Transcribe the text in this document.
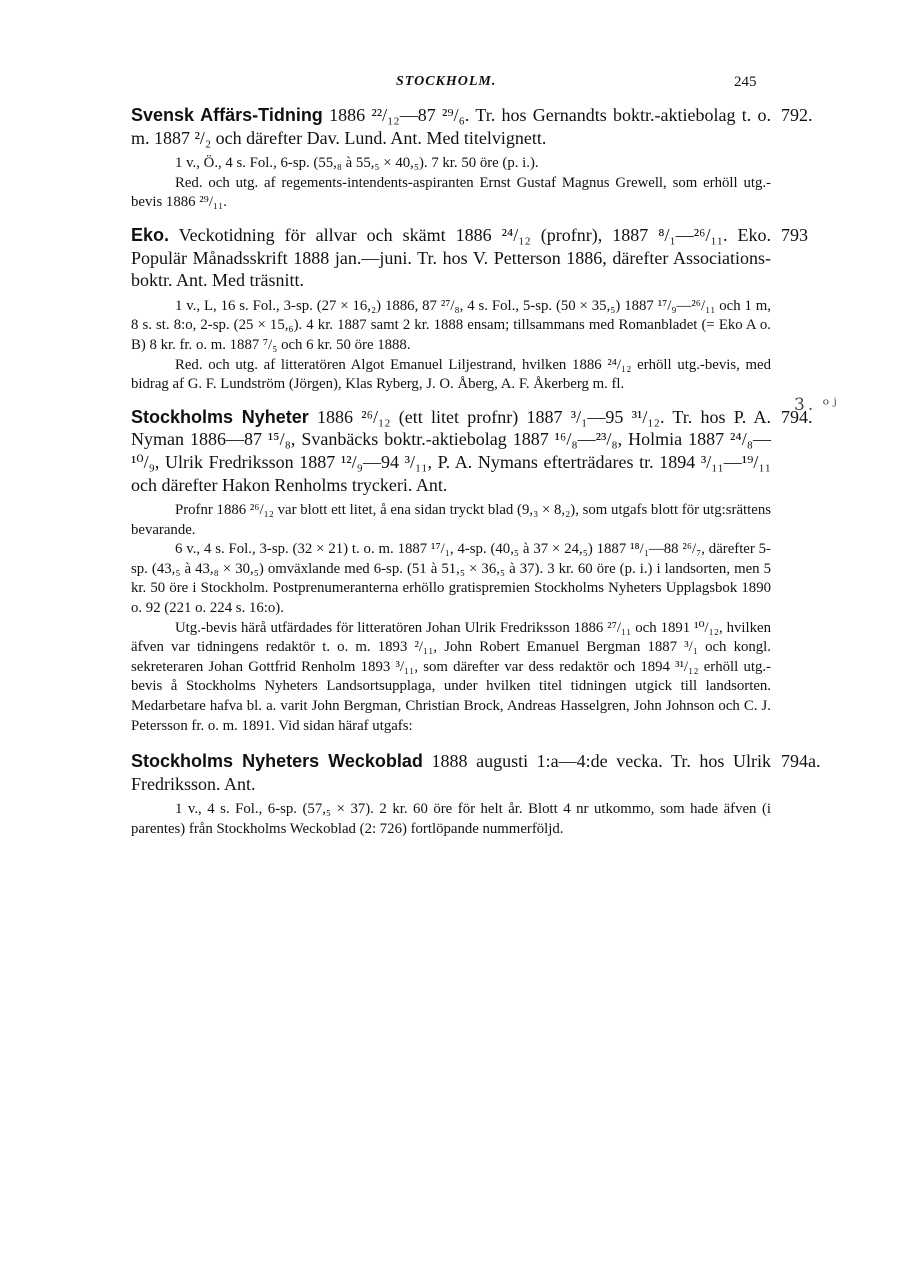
STOCKHOLM.	245
3. ᵒʲ
792.

Svensk Affärs-Tidning 1886 ²²/₁₂—87 ²⁹/₆. Tr. hos Gernandts boktr.-aktiebolag t. o. m. 1887 ²/₂ och därefter Dav. Lund. Ant. Med titelvignett.

1 v., Ö., 4 s. Fol., 6-sp. (55,₈ à 55,₅ × 40,₅). 7 kr. 50 öre (p. i.).

Red. och utg. af regements-intendents-aspiranten Ernst Gustaf Magnus Grewell, som erhöll utg.-bevis 1886 ²⁹/₁₁.

793

Eko. Veckotidning för allvar och skämt 1886 ²⁴/₁₂ (profnr), 1887 ⁸/₁—²⁶/₁₁. Eko. Populär Månadsskrift 1888 jan.—juni. Tr. hos V. Petterson 1886, därefter Associations-boktr. Ant. Med träsnitt.

1 v., L, 16 s. Fol., 3-sp. (27 × 16,₂) 1886, 87 ²⁷/₈, 4 s. Fol., 5-sp. (50 × 35,₅) 1887 ¹⁷/₉—²⁶/₁₁ och 1 m, 8 s. st. 8:o, 2-sp. (25 × 15,₆). 4 kr. 1887 samt 2 kr. 1888 ensam; tillsammans med Romanbladet (= Eko A o. B) 8 kr. fr. o. m. 1887 ⁷/₅ och 6 kr. 50 öre 1888.

Red. och utg. af litteratören Algot Emanuel Liljestrand, hvilken 1886 ²⁴/₁₂ erhöll utg.-bevis, med bidrag af G. F. Lundström (Jörgen), Klas Ryberg, J. O. Åberg, A. F. Åkerberg m. fl.

794.

Stockholms Nyheter 1886 ²⁶/₁₂ (ett litet profnr) 1887 ³/₁—95 ³¹/₁₂. Tr. hos P. A. Nyman 1886—87 ¹⁵/₈, Svanbäcks boktr.-aktiebolag 1887 ¹⁶/₈—²³/₈, Holmia 1887 ²⁴/₈—¹⁰/₉, Ulrik Fredriksson 1887 ¹²/₉—94 ³/₁₁, P. A. Nymans efterträdares tr. 1894 ³/₁₁—¹⁹/₁₁ och därefter Hakon Renholms tryckeri. Ant.

Profnr 1886 ²⁶/₁₂ var blott ett litet, å ena sidan tryckt blad (9,₃ × 8,₂), som utgafs blott för utg:srättens bevarande.

6 v., 4 s. Fol., 3-sp. (32 × 21) t. o. m. 1887 ¹⁷/₁, 4-sp. (40,₅ à 37 × 24,₅) 1887 ¹⁸/₁—88 ²⁶/₇, därefter 5-sp. (43,₅ à 43,₈ × 30,₅) omväxlande med 6-sp. (51 à 51,₅ × 36,₅ à 37). 3 kr. 60 öre (p. i.) i landsorten, men 5 kr. 50 öre i Stockholm. Postprenumeranterna erhöllo gratispremien Stockholms Nyheters Upplagsbok 1890 o. 92 (221 o. 224 s. 16:o).

Utg.-bevis härå utfärdades för litteratören Johan Ulrik Fredriksson 1886 ²⁷/₁₁ och 1891 ¹⁰/₁₂, hvilken äfven var tidningens redaktör t. o. m. 1893 ²/₁₁, John Robert Emanuel Bergman 1887 ³/₁ och kongl. sekreteraren Johan Gottfrid Renholm 1893 ³/₁₁, som därefter var dess redaktör och 1894 ³¹/₁₂ erhöll utg.-bevis å Stockholms Nyheters Landsortsupplaga, under hvilken titel tidningen utgick till landsorten. Medarbetare hafva bl. a. varit John Bergman, Christian Brock, Andreas Hasselgren, John Johnson och C. J. Petersson fr. o. m. 1891. Vid sidan häraf utgafs:

794a.

Stockholms Nyheters Weckoblad 1888 augusti 1:a—4:de vecka. Tr. hos Ulrik Fredriksson. Ant.

1 v., 4 s. Fol., 6-sp. (57,₅ × 37). 2 kr. 60 öre för helt år. Blott 4 nr utkommo, som hade äfven (i parentes) från Stockholms Weckoblad (2: 726) fortlöpande nummerföljd.
